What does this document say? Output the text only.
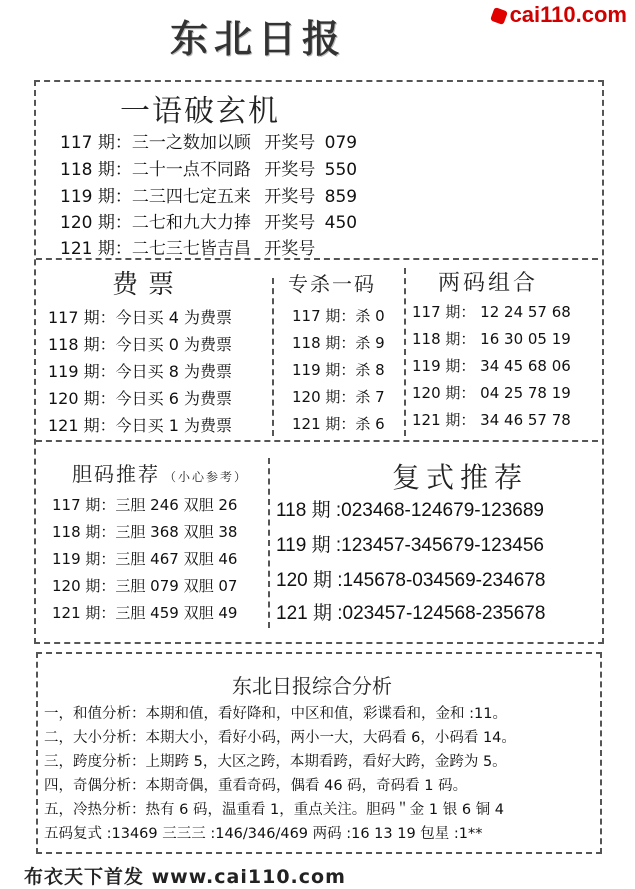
东北日报
cai110.com
一语破玄机
117 期：三一之数加以顾 开奖号 079
118 期：二十一点不同路 开奖号 550
119 期：二三四七定五来 开奖号 859
120 期：二七和九大力捧 开奖号 450
121 期：二七三七皆吉昌 开奖号
费票
117 期：今日买 4 为费票
118 期：今日买 0 为费票
119 期：今日买 8 为费票
120 期：今日买 6 为费票
121 期：今日买 1 为费票
专杀一码
117 期：杀 0
118 期：杀 9
119 期：杀 8
120 期：杀 7
121 期：杀 6
两码组合
117 期： 12 24 57 68
118 期： 16 30 05 19
119 期： 34 45 68 06
120 期： 04 25 78 19
121 期： 34 46 57 78
胆码推荐 （小心参考）
117 期：三胆 246 双胆 26
118 期：三胆 368 双胆 38
119 期：三胆 467 双胆 46
120 期：三胆 079 双胆 07
121 期：三胆 459 双胆 49
复式推荐
118 期 :023468-124679-123689
119 期 :123457-345679-123456
120 期 :145678-034569-234678
121 期 :023457-124568-235678
东北日报综合分析
一，和值分析：本期和值，看好降和，中区和值，彩谍看和，金和 :11。
二，大小分析：本期大小，看好小码，两小一大，大码看 6，小码看 14。
三，跨度分析：上期跨 5，大区之跨，本期看跨，看好大跨，金跨为 5。
四，奇偶分析：本期奇偶，重看奇码，偶看 46 码，奇码看 1 码。
五，冷热分析：热有 6 码，温重看 1，重点关注。胆码＂金 1 银 6 铜 4
五码复式 :13469 三三三 :146/346/469 两码 :16 13 19 包星 :1**
布衣天下首发 www.cai110.com
